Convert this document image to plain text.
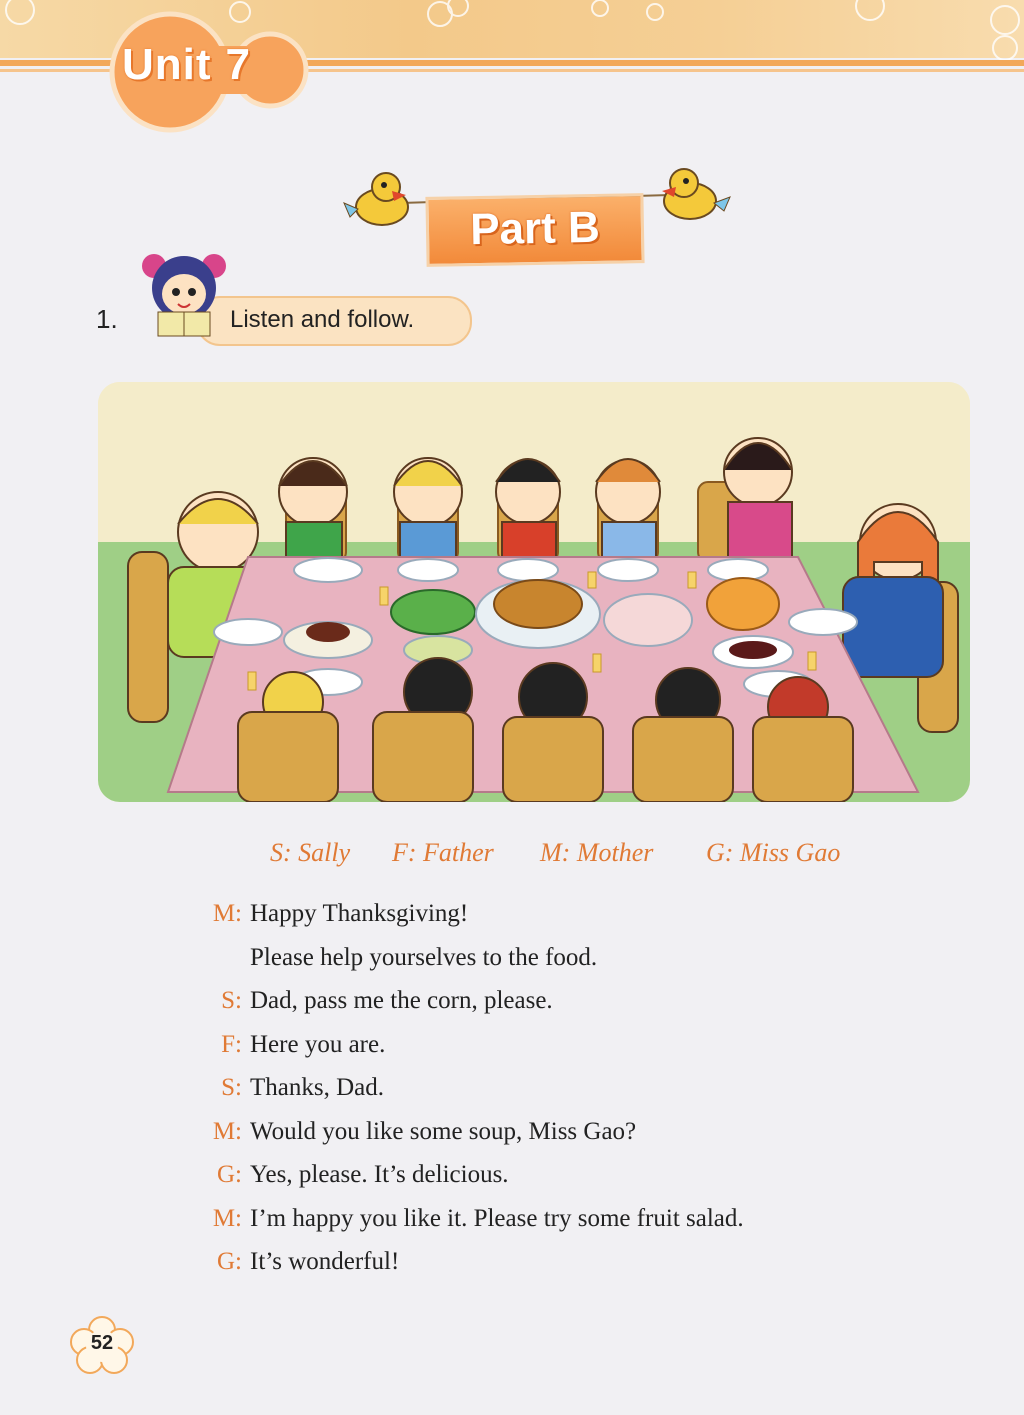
Unit 7
Part B
1.	Listen and follow.
S: Sally F: Father M: Mother G: Miss Gao
M: Happy Thanksgiving!
Please help yourselves to the food.
S: Dad, pass me the corn, please.
F: Here you are.
S: Thanks, Dad.
M: Would you like some soup, Miss Gao?
G: Yes, please. It’s delicious.
M: I’m happy you like it. Please try some fruit salad.
G: It’s wonderful!
52
